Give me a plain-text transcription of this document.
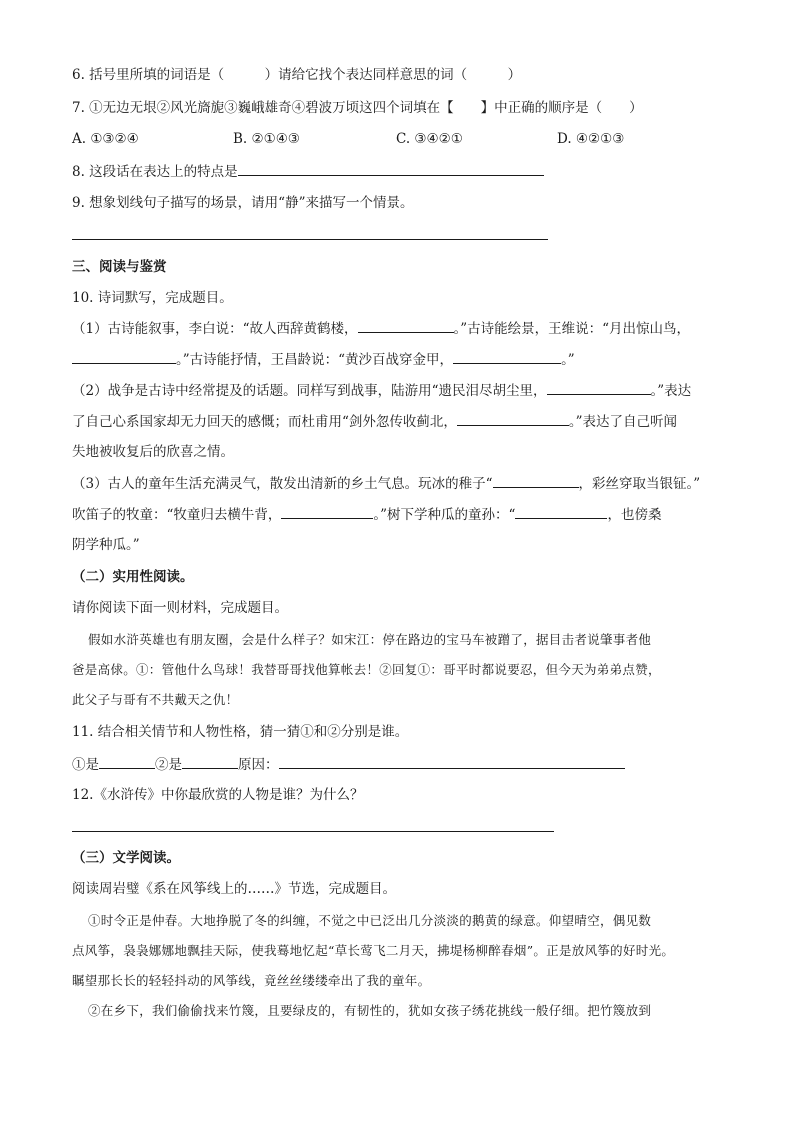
6. 括号里所填的词语是（　　　）请给它找个表达同样意思的词（　　　）
7. ①无边无垠②风光旖旎③巍峨雄奇④碧波万顷这四个词填在【　　】中正确的顺序是（　　）
A. ①③②④	B. ②①④③	C. ③④②①	D. ④②①③
8. 这段话在表达上的特点是
9. 想象划线句子描写的场景，请用“静”来描写一个情景。
三、阅读与鉴赏
10. 诗词默写，完成题目。
（1）古诗能叙事，李白说：“故人西辞黄鹤楼，	。”古诗能绘景，王维说：“月出惊山鸟，
。”古诗能抒情，王昌龄说：“黄沙百战穿金甲，	。”
（2）战争是古诗中经常提及的话题。同样写到战事，陆游用“遗民泪尽胡尘里，	。”表达
了自己心系国家却无力回天的感慨；而杜甫用“剑外忽传收蓟北，	。”表达了自己听闻
失地被收复后的欣喜之情。
（3）古人的童年生活充满灵气，散发出清新的乡土气息。玩冰的稚子“	，彩丝穿取当银钲。”
吹笛子的牧童：“牧童归去横牛背，	。”树下学种瓜的童孙：“	，也傍桑
阴学种瓜。”
（二）实用性阅读。
请你阅读下面一则材料，完成题目。
假如水浒英雄也有朋友圈，会是什么样子？如宋江：停在路边的宝马车被蹭了，据目击者说肇事者他
爸是高俅。①：管他什么鸟球！我替哥哥找他算帐去！②回复①：哥平时都说要忍，但今天为弟弟点赞，
此父子与哥有不共戴天之仇！
11. 结合相关情节和人物性格，猜一猜①和②分别是谁。
①是	②是	原因：
12.《水浒传》中你最欣赏的人物是谁？为什么？
（三）文学阅读。
阅读周岩璧《系在风筝线上的……》节选，完成题目。
①时令正是仲春。大地挣脱了冬的纠缠，不觉之中已泛出几分淡淡的鹅黄的绿意。仰望晴空，偶见数
点风筝，袅袅娜娜地飘挂天际，使我蓦地忆起“草长莺飞二月天，拂堤杨柳醉春烟”。正是放风筝的好时光。
瞩望那长长的轻轻抖动的风筝线，竟丝丝缕缕牵出了我的童年。
②在乡下，我们偷偷找来竹篾，且要绿皮的，有韧性的，犹如女孩子绣花挑线一般仔细。把竹篾放到
